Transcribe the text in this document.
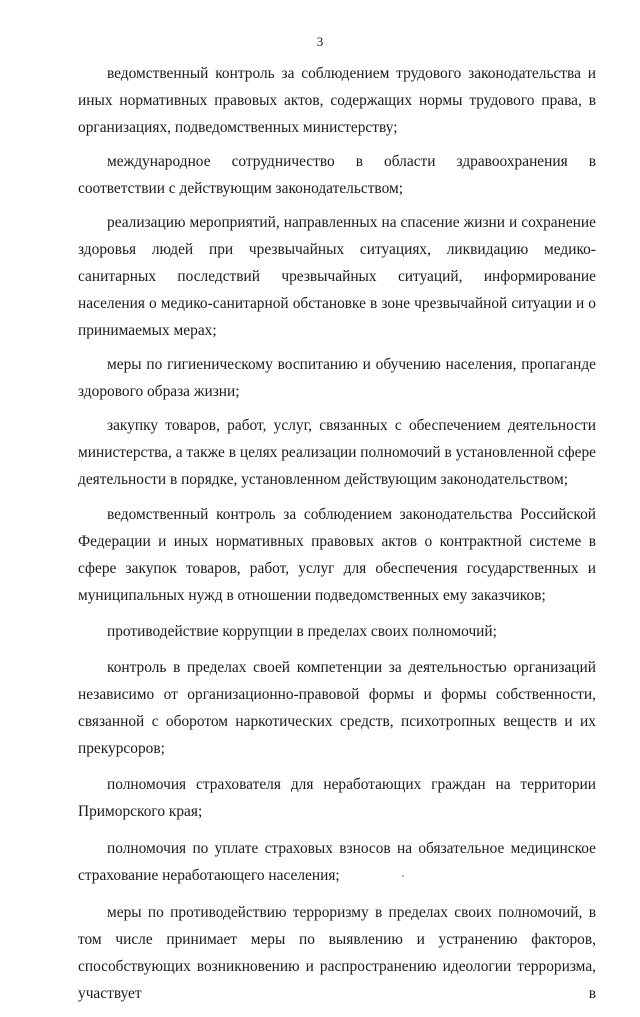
3

ведомственный контроль за соблюдением трудового законодательства и иных нормативных правовых актов, содержащих нормы трудового права, в организациях, подведомственных министерству;

международное сотрудничество в области здравоохранения в соответствии с действующим законодательством;

реализацию мероприятий, направленных на спасение жизни и сохранение здоровья людей при чрезвычайных ситуациях, ликвидацию медико-санитарных последствий чрезвычайных ситуаций, информирование населения о медико-санитарной обстановке в зоне чрезвычайной ситуации и о принимаемых мерах;

меры по гигиеническому воспитанию и обучению населения, пропаганде здорового образа жизни;

закупку товаров, работ, услуг, связанных с обеспечением деятельности министерства, а также в целях реализации полномочий в установленной сфере деятельности в порядке, установленном действующим законодательством;

ведомственный контроль за соблюдением законодательства Российской Федерации и иных нормативных правовых актов о контрактной системе в сфере закупок товаров, работ, услуг для обеспечения государственных и муниципальных нужд в отношении подведомственных ему заказчиков;

противодействие коррупции в пределах своих полномочий;

контроль в пределах своей компетенции за деятельностью организаций независимо от организационно-правовой формы и формы собственности, связанной с оборотом наркотических средств, психотропных веществ и их прекурсоров;

полномочия страхователя для неработающих граждан на территории Приморского края;

полномочия по уплате страховых взносов на обязательное медицинское страхование неработающего населения;

меры по противодействию терроризму в пределах своих полномочий, в том числе принимает меры по выявлению и устранению факторов, способствующих возникновению и распространению идеологии терроризма, участвует в
